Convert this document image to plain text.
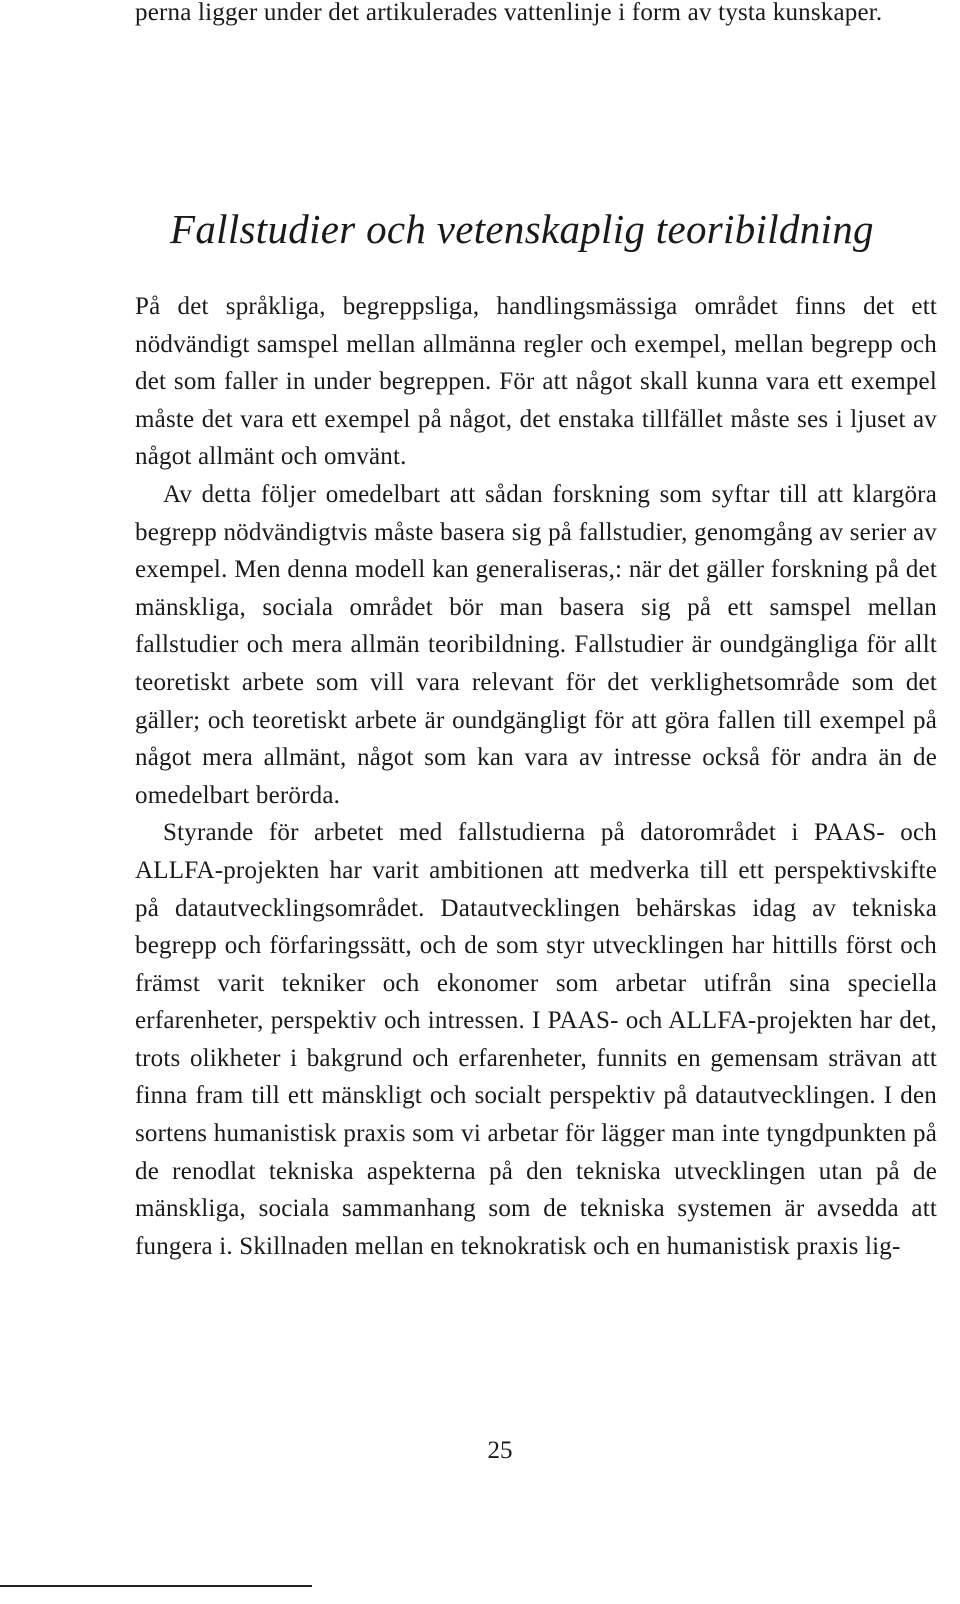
perna ligger under det artikulerades vattenlinje i form av tysta kunskaper.

Fallstudier och vetenskaplig teoribildning

På det språkliga, begreppsliga, handlingsmässiga området finns det ett nödvändigt samspel mellan allmänna regler och exempel, mellan begrepp och det som faller in under begreppen. För att något skall kunna vara ett exempel måste det vara ett exempel på något, det enstaka tillfället måste ses i ljuset av något allmänt och omvänt.

Av detta följer omedelbart att sådan forskning som syftar till att klargöra begrepp nödvändigtvis måste basera sig på fallstudier, genomgång av serier av exempel. Men denna modell kan generaliseras,: när det gäller forskning på det mänskliga, sociala området bör man basera sig på ett samspel mellan fallstudier och mera allmän teoribildning. Fallstudier är oundgängliga för allt teoretiskt arbete som vill vara relevant för det verklighetsområde som det gäller; och teoretiskt arbete är oundgängligt för att göra fallen till exempel på något mera allmänt, något som kan vara av intresse också för andra än de omedelbart berörda.

Styrande för arbetet med fallstudierna på datorområdet i PAAS- och ALLFA-projekten har varit ambitionen att medverka till ett perspektivskifte på datautvecklingsområdet. Datautvecklingen behärskas idag av tekniska begrepp och förfaringssätt, och de som styr utvecklingen har hittills först och främst varit tekniker och ekonomer som arbetar utifrån sina speciella erfarenheter, perspektiv och intressen. I PAAS- och ALLFA-projekten har det, trots olikheter i bakgrund och erfarenheter, funnits en gemensam strävan att finna fram till ett mänskligt och socialt perspektiv på datautvecklingen. I den sortens humanistisk praxis som vi arbetar för lägger man inte tyngdpunkten på de renodlat tekniska aspekterna på den tekniska utvecklingen utan på de mänskliga, sociala sammanhang som de tekniska systemen är avsedda att fungera i. Skillnaden mellan en teknokratisk och en humanistisk praxis lig-

25
